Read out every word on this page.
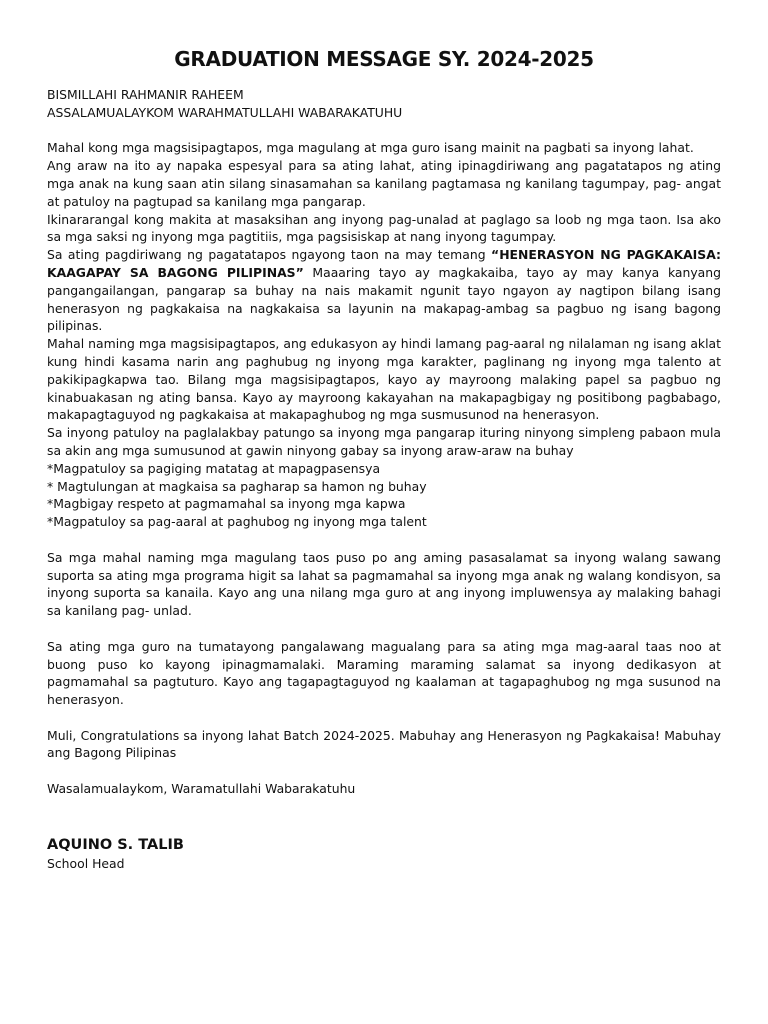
GRADUATION MESSAGE SY. 2024-2025

BISMILLAHI RAHMANIR RAHEEM

ASSALAMUALAYKOM WARAHMATULLAHI WABARAKATUHU

Mahal kong mga magsisipagtapos, mga magulang at mga guro isang mainit na pagbati sa inyong lahat.

Ang araw na ito ay napaka espesyal para sa ating lahat, ating ipinagdiriwang ang pagatatapos ng ating mga anak na kung saan atin silang sinasamahan sa kanilang pagtamasa ng kanilang tagumpay, pag- angat at patuloy na pagtupad sa kanilang mga pangarap.

Ikinararangal kong makita at masaksihan ang inyong pag-unalad at paglago sa loob ng mga taon. Isa ako sa mga saksi ng inyong mga pagtitiis, mga pagsisiskap at nang inyong tagumpay.

Sa ating pagdiriwang ng pagatatapos ngayong taon na may temang “HENERASYON NG PAGKAKAISA: KAAGAPAY SA BAGONG PILIPINAS” Maaaring tayo ay magkakaiba, tayo ay may kanya kanyang pangangailangan, pangarap sa buhay na nais makamit ngunit tayo ngayon ay nagtipon bilang isang henerasyon ng pagkakaisa na nagkakaisa sa layunin na makapag-ambag sa pagbuo ng isang bagong pilipinas.

Mahal naming mga magsisipagtapos, ang edukasyon ay hindi lamang pag-aaral ng nilalaman ng isang aklat kung hindi kasama narin ang paghubug ng inyong mga karakter, paglinang ng inyong mga talento at pakikipagkapwa tao. Bilang mga magsisipagtapos, kayo ay mayroong malaking papel sa pagbuo ng kinabuakasan ng ating bansa. Kayo ay mayroong kakayahan na makapagbigay ng positibong pagbabago, makapagtaguyod ng pagkakaisa at makapaghubog ng mga susmusunod na henerasyon.

Sa inyong patuloy na paglalakbay patungo sa inyong mga pangarap ituring ninyong simpleng pabaon mula sa akin ang mga sumusunod at gawin ninyong gabay sa inyong araw-araw na buhay

*Magpatuloy sa pagiging matatag at mapagpasensya

* Magtulungan at magkaisa sa pagharap sa hamon ng buhay

*Magbigay respeto at pagmamahal sa inyong mga kapwa

*Magpatuloy sa pag-aaral at paghubog ng inyong mga talent

Sa mga mahal naming mga magulang taos puso po ang aming pasasalamat sa inyong walang sawang suporta sa ating mga programa higit sa lahat sa pagmamahal sa inyong mga anak ng walang kondisyon, sa inyong suporta sa kanaila. Kayo ang una nilang mga guro at ang inyong impluwensya ay malaking bahagi sa kanilang pag- unlad.

Sa ating mga guro na tumatayong pangalawang magualang para sa ating mga mag-aaral taas noo at buong puso ko kayong ipinagmamalaki. Maraming maraming salamat sa inyong dedikasyon at pagmamahal sa pagtuturo. Kayo ang tagapagtaguyod ng kaalaman at tagapaghubog ng mga susunod na henerasyon.

Muli, Congratulations sa inyong lahat Batch 2024-2025. Mabuhay ang Henerasyon ng Pagkakaisa! Mabuhay ang Bagong Pilipinas

Wasalamualaykom, Waramatullahi Wabarakatuhu

AQUINO S. TALIB

School Head
